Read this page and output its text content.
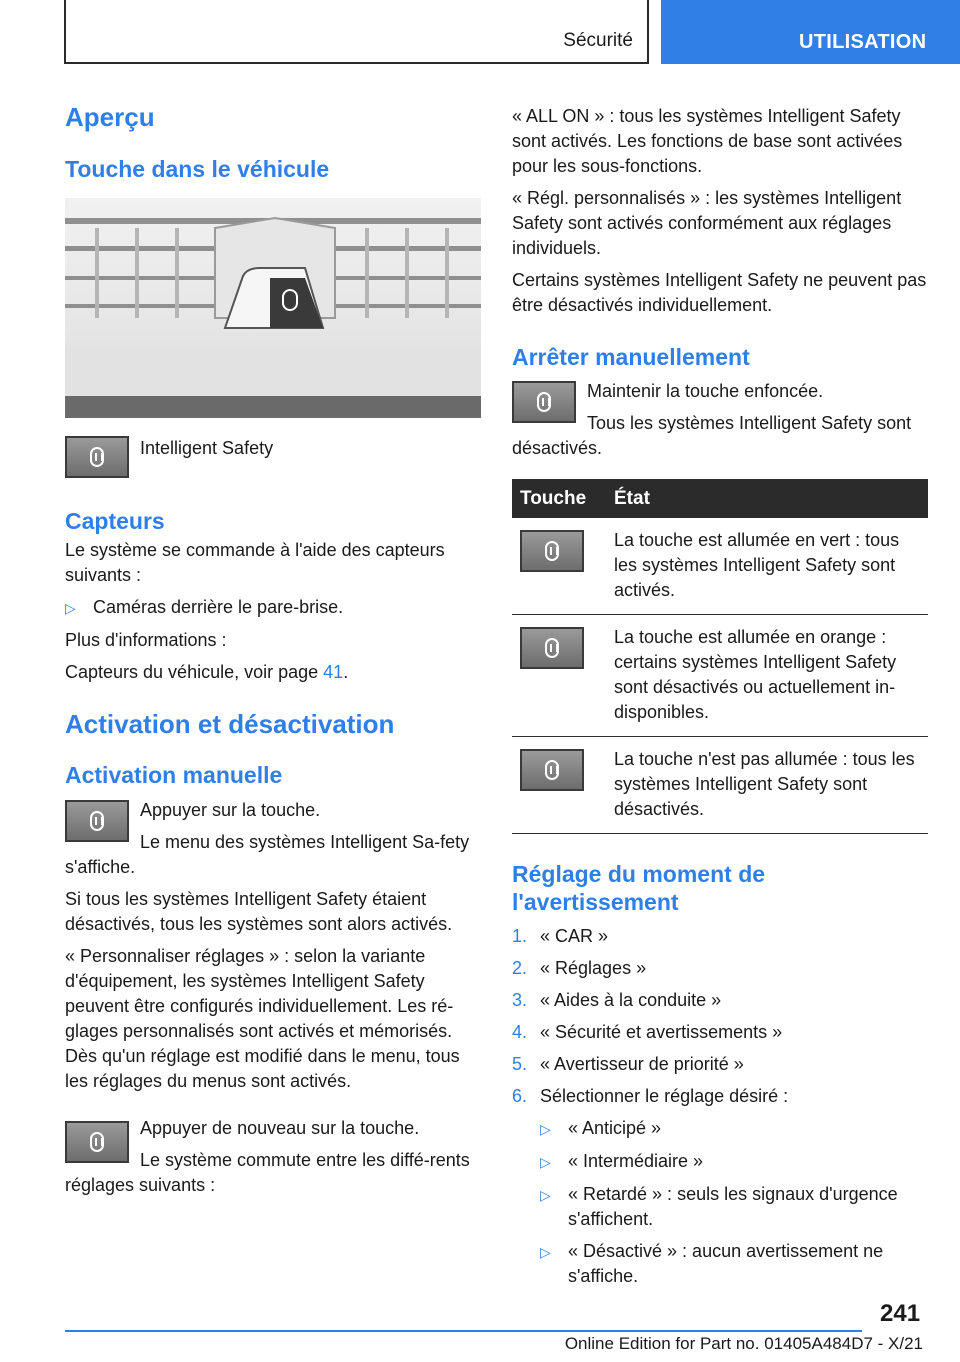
Sécurité	UTILISATION
Aperçu
Touche dans le véhicule

Intelligent Safety

Capteurs

Le système se commande à l'aide des capteurs suivants :

▷ Caméras derrière le pare-brise.

Plus d'informations :

Capteurs du véhicule, voir page 41.

Activation et désactivation
Activation manuelle

Appuyer sur la touche.

Le menu des systèmes Intelligent Sa-fety s'affiche.

Si tous les systèmes Intelligent Safety étaient désactivés, tous les systèmes sont alors activés.

« Personnaliser réglages » : selon la variante d'équipement, les systèmes Intelligent Safety peuvent être configurés individuellement. Les ré-glages personnalisés sont activés et mémorisés. Dès qu'un réglage est modifié dans le menu, tous les réglages du menus sont activés.

Appuyer de nouveau sur la touche.

Le système commute entre les diffé-rents réglages suivants :

« ALL ON » : tous les systèmes Intelligent Safety sont activés. Les fonctions de base sont activées pour les sous-fonctions.

« Régl. personnalisés » : les systèmes Intelligent Safety sont activés conformément aux réglages individuels.

Certains systèmes Intelligent Safety ne peuvent pas être désactivés individuellement.

Arrêter manuellement

Maintenir la touche enfoncée.

Tous les systèmes Intelligent Safety sont désactivés.

Touche	État

	La touche est allumée en vert : tous les systèmes Intelligent Safety sont activés.

	La touche est allumée en orange : certains systèmes Intelligent Safety sont désactivés ou actuellement in-disponibles.

	La touche n'est pas allumée : tous les systèmes Intelligent Safety sont désactivés.
Réglage du moment de l'avertissement
1. « CAR »
2. « Réglages »
3. « Aides à la conduite »
4. « Sécurité et avertissements »
5. « Avertisseur de priorité »
6. Sélectionner le réglage désiré :
▷ « Anticipé »
▷ « Intermédiaire »
▷ « Retardé » : seuls les signaux d'urgence s'affichent.
▷ « Désactivé » : aucun avertissement ne s'affiche.
241
Online Edition for Part no. 01405A484D7 - X/21
